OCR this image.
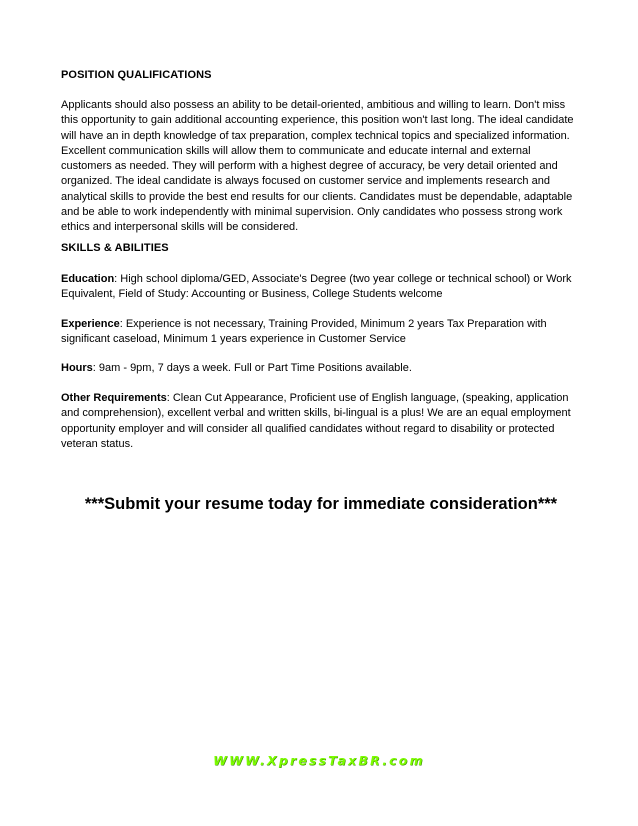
POSITION QUALIFICATIONS
Applicants should also possess an ability to be detail-oriented, ambitious and willing to learn. Don't miss this opportunity to gain additional accounting experience, this position won't last long. The ideal candidate will have an in depth knowledge of tax preparation, complex technical topics and specialized information. Excellent communication skills will allow them to communicate and educate internal and external customers as needed. They will perform with a highest degree of accuracy, be very detail oriented and organized. The ideal candidate is always focused on customer service and implements research and analytical skills to provide the best end results for our clients. Candidates must be dependable, adaptable and be able to work independently with minimal supervision. Only candidates who possess strong work ethics and interpersonal skills will be considered.
SKILLS & ABILITIES
Education: High school diploma/GED, Associate's Degree (two year college or technical school) or Work Equivalent, Field of Study: Accounting or Business, College Students welcome
Experience: Experience is not necessary, Training Provided, Minimum 2 years Tax Preparation with significant caseload, Minimum 1 years experience in Customer Service
Hours: 9am - 9pm, 7 days a week. Full or Part Time Positions available.
Other Requirements: Clean Cut Appearance, Proficient use of English language, (speaking, application and comprehension), excellent verbal and written skills, bi-lingual is a plus! We are an equal employment opportunity employer and will consider all qualified candidates without regard to disability or protected veteran status.
***Submit your resume today for immediate consideration***
WWW.XpressTaxBR.com
